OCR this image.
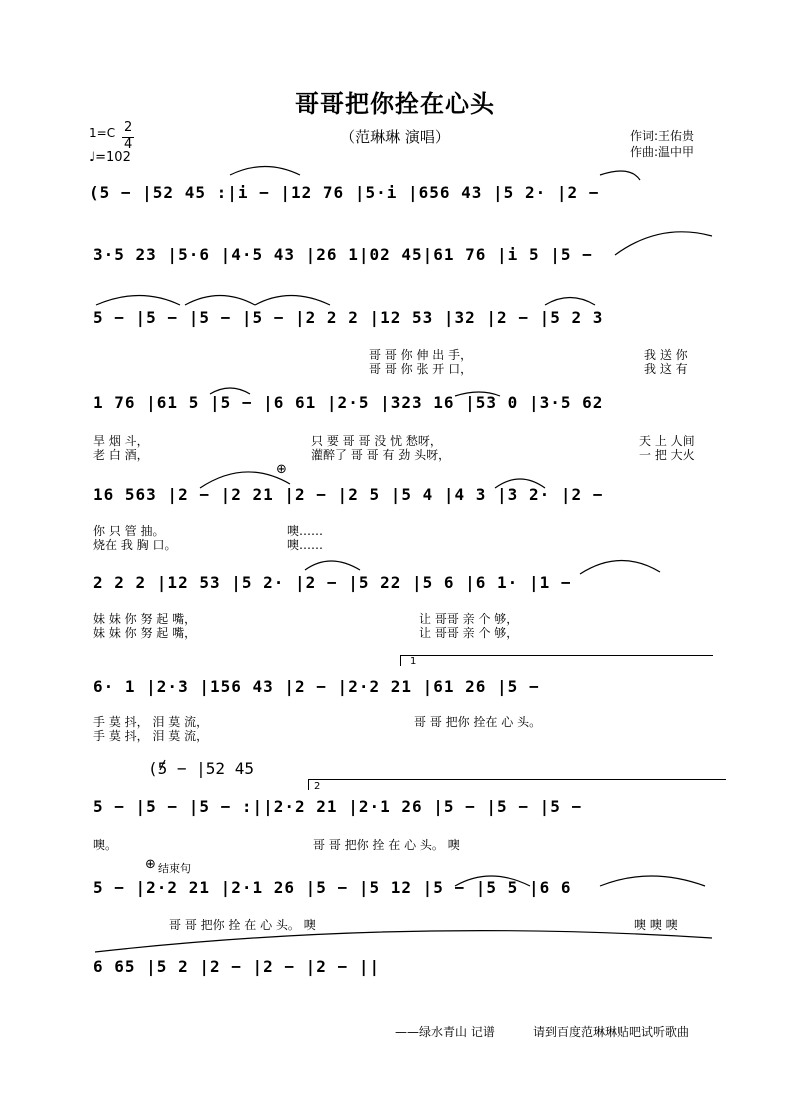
哥哥把你拴在心头
（范琳琳 演唱）
1=C 2
4
♩=102
作词:王佑贵
作曲:温中甲
(5 − |52 45 :|i − |12 76 |5·i |656 43 |5 2· |2 −
3·5 23 |5·6 |4·5 43 |26 1|02 45|61 76 |i 5 |5 −
5 − |5 − |5 − |5 − |2 2 2 |12 53 |32 |2 − |5 2 3
1 76 |61 5 |5 − |6 61 |2·5 |323 16 |53 0 |3·5 62
16 563 |2 − |2 21 |2 − |2 5 |5 4 |4 3 |3 2· |2 −
2 2 2 |12 53 |5 2· |2 − |5 22 |5 6 |6 1· |1 −
6· 1 |2·3 |156 43 |2 − |2·2 21 |61 26 |5 −
5 − |5 − |5 − :||2·2 21 |2·1 26 |5 − |5 − |5 −
5 − |2·2 21 |2·1 26 |5 − |5 12 |5 − |5 5 |6 6
6 65 |5 2 |2 − |2 − |2 − ||
⊕
⊕ 结束句
1
2
(5 − |52 45
哥 哥 你 伸 出 手，	我 送 你
哥 哥 你 张 开 口，	我 这 有
旱 烟 斗，	只 要 哥 哥 没 忧 愁呀，	天 上 人间
老 白 酒，	灌醉了 哥 哥 有 劲 头呀，	一 把 大火
你 只 管 抽。	噢……
烧在 我 胸 口。	噢……
妹 妹 你 努 起 嘴，	让 哥哥 亲 个 够，
妹 妹 你 努 起 嘴，	让 哥哥 亲 个 够，
手 莫 抖， 泪 莫 流，	哥 哥 把你 拴在 心 头。
手 莫 抖， 泪 莫 流，
噢。	哥 哥 把你 拴 在 心 头。 噢
哥 哥 把你 拴 在 心 头。 噢	噢 噢 噢
——绿水青山 记谱	请到百度范琳琳贴吧试听歌曲
